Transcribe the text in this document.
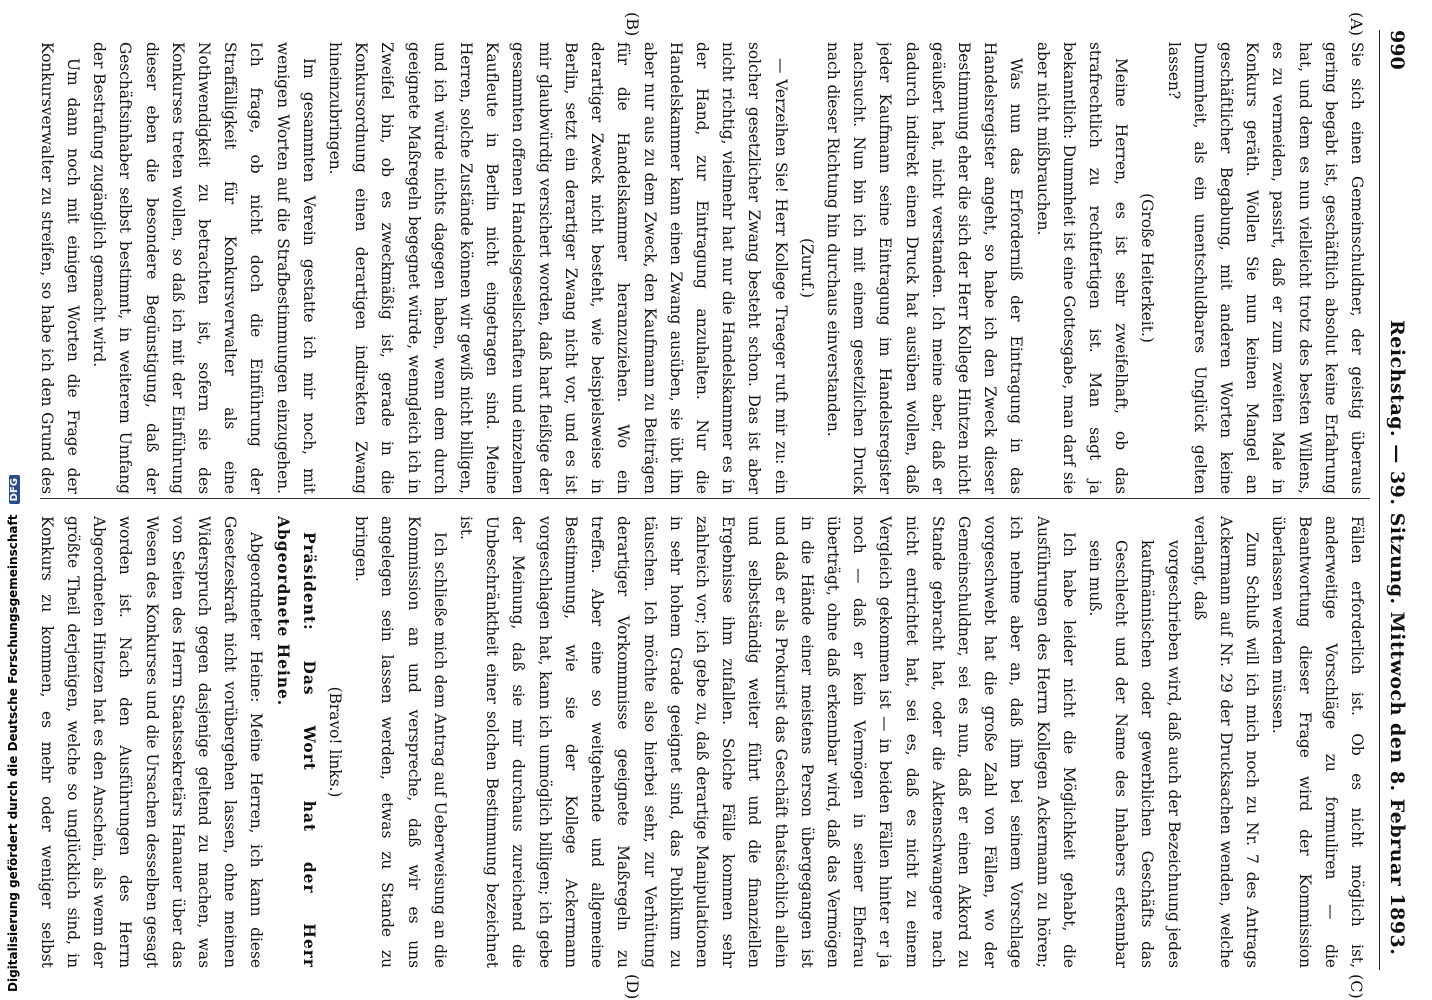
990
Reichstag. — 39. Sitzung. Mittwoch den 8. Februar 1893.
(A)
(B)
(C)
(D)

Sie sich einen Gemeinschuldner, der geistig überaus gering begabt ist, geschäftlich absolut keine Erfahrung hat, und dem es nun vielleicht trotz des besten Willens, es zu vermeiden, passirt, daß er zum zweiten Male in Konkurs geräth. Wollen Sie nun keinen Mangel an geschäftlicher Begabung, mit anderen Worten keine Dummheit, als ein unentschuldbares Unglück gelten lassen?

(Große Heiterkeit.)

Meine Herren, es ist sehr zweifelhaft, ob das strafrechtlich zu rechtfertigen ist. Man sagt ja bekanntlich: Dummheit ist eine Gottesgabe, man darf sie aber nicht mißbrauchen.

Was nun das Erforderniß der Eintragung in das Handelsregister angeht, so habe ich den Zweck dieser Bestimmung eher die sich der Herr Kollege Hintzen nicht geäußert hat, nicht verstanden. Ich meine aber, daß er dadurch indirekt einen Druck hat ausüben wollen, daß jeder Kaufmann seine Eintragung im Handelsregister nachsucht. Nun bin ich mit einem gesetzlichen Druck nach dieser Richtung hin durchaus einverstanden.

(Zuruf.)

— Verzeihen Sie! Herr Kollege Traeger ruft mir zu: ein solcher gesetzlicher Zwang besteht schon. Das ist aber nicht richtig, vielmehr hat nur die Handelskammer es in der Hand, zur Eintragung anzuhalten. Nur die Handelskammer kann einen Zwang ausüben, sie übt ihn aber nur aus zu dem Zweck, den Kaufmann zu Beiträgen für die Handelskammer heranzuziehen. Wo ein derartiger Zweck nicht besteht, wie beispielsweise in Berlin, setzt ein derartiger Zwang nicht vor, und es ist mir glaubwürdig versichert worden, daß hart fleißige der gesammten offenen Handelsgesellschaften und einzelnen Kaufleute in Berlin nicht eingetragen sind. Meine Herren, solche Zustände können wir gewiß nicht billigen, und ich würde nichts dagegen haben, wenn dem durch geeignete Maßregeln begegnet würde, wenngleich ich in Zweifel bin, ob es zweckmäßig ist, gerade in die Konkursordnung einen derartigen indirekten Zwang hineinzubringen.

Im gesammten Verein gestatte ich mir noch, mit wenigen Worten auf die Strafbestimmungen einzugehen. Ich frage, ob nicht doch die Einführung der Straffälligkeit für Konkursverwalter als eine Nothwendigkeit zu betrachten ist, sofern sie des Konkurses treten wollen, so daß ich mit der Einführung dieser eben die besondere Begünstigung, daß der Geschäftsinhaber selbst bestimmt, in weiterem Umfang der Bestrafung zugänglich gemacht wird.

Um dann noch mit einigen Worten die Frage der Konkursverwalter zu streifen, so habe ich den Grund des

Fällen erforderlich ist. Ob es nicht möglich ist, anderweitige Vorschläge zu formuliren — die Beantwortung dieser Frage wird der Kommission überlassen werden müssen.

Zum Schluß will ich mich noch zu Nr. 7 des Antrags Ackermann auf Nr. 29 der Drucksachen wenden, welche verlangt, daß

vorgeschrieben wird, daß auch der Bezeichnung jedes kaufmännischen oder gewerblichen Geschäfts das Geschlecht und der Name des Inhabers erkennbar sein muß.

Ich habe leider nicht die Möglichkeit gehabt, die Ausführungen des Herrn Kollegen Ackermann zu hören; ich nehme aber an, daß ihm bei seinem Vorschlage vorgeschwebt hat die große Zahl von Fällen, wo der Gemeinschuldner, sei es nun, daß er einen Akkord zu Stande gebracht hat, oder die Aktenschwangere nach nicht entrichtet hat, sei es, daß es nicht zu einem Vergleich gekommen ist — in beiden Fällen hinter er ja noch — daß er kein Vermögen in seiner Ehefrau überträgt, ohne daß erkennbar wird, daß das Vermögen in die Hände einer meistens Person übergegangen ist und daß er als Prokurist das Geschäft thatsächlich allein und selbstständig weiter führt und die finanziellen Ergebnisse ihm zufallen. Solche Fälle kommen sehr zahlreich vor; ich gebe zu, daß derartige Manipulationen in sehr hohem Grade geeignet sind, das Publikum zu täuschen. Ich möchte also hierbei sehr, zur Verhütung derartiger Vorkommnisse geeignete Maßregeln zu treffen. Aber eine so weitgehende und allgemeine Bestimmung, wie sie der Kollege Ackermann vorgeschlagen hat, kann ich unmöglich billigen; ich gebe der Meinung, daß sie mir durchaus zureichend die Unbeschränktheit einer solchen Bestimmung bezeichnet ist.

Ich schließe mich dem Antrag auf Ueberweisung an die Kommission an und verspreche, daß wir es uns angelegen sein lassen werden, etwas zu Stande zu bringen.

(Bravo! links.)

Präsident: Das Wort hat der Herr Abgeordnete Heine.

Abgeordneter Heine: Meine Herren, ich kann diese Gesetzeskraft nicht vorübergehen lassen, ohne meinen Widerspruch gegen dasjenige geltend zu machen, was von Seiten des Herrn Staatssekretärs Hanauer über das Wesen des Konkurses und die Ursachen desselben gesagt worden ist. Nach den Ausführungen des Herrn Abgeordneten Hintzen hat es den Anschein, als wenn der größte Theil derjenigen, welche so unglücklich sind, in Konkurs zu kommen, es mehr oder weniger selbst

Digitalisierung gefördert durch die Deutsche Forschungsgemeinschaft DFG
